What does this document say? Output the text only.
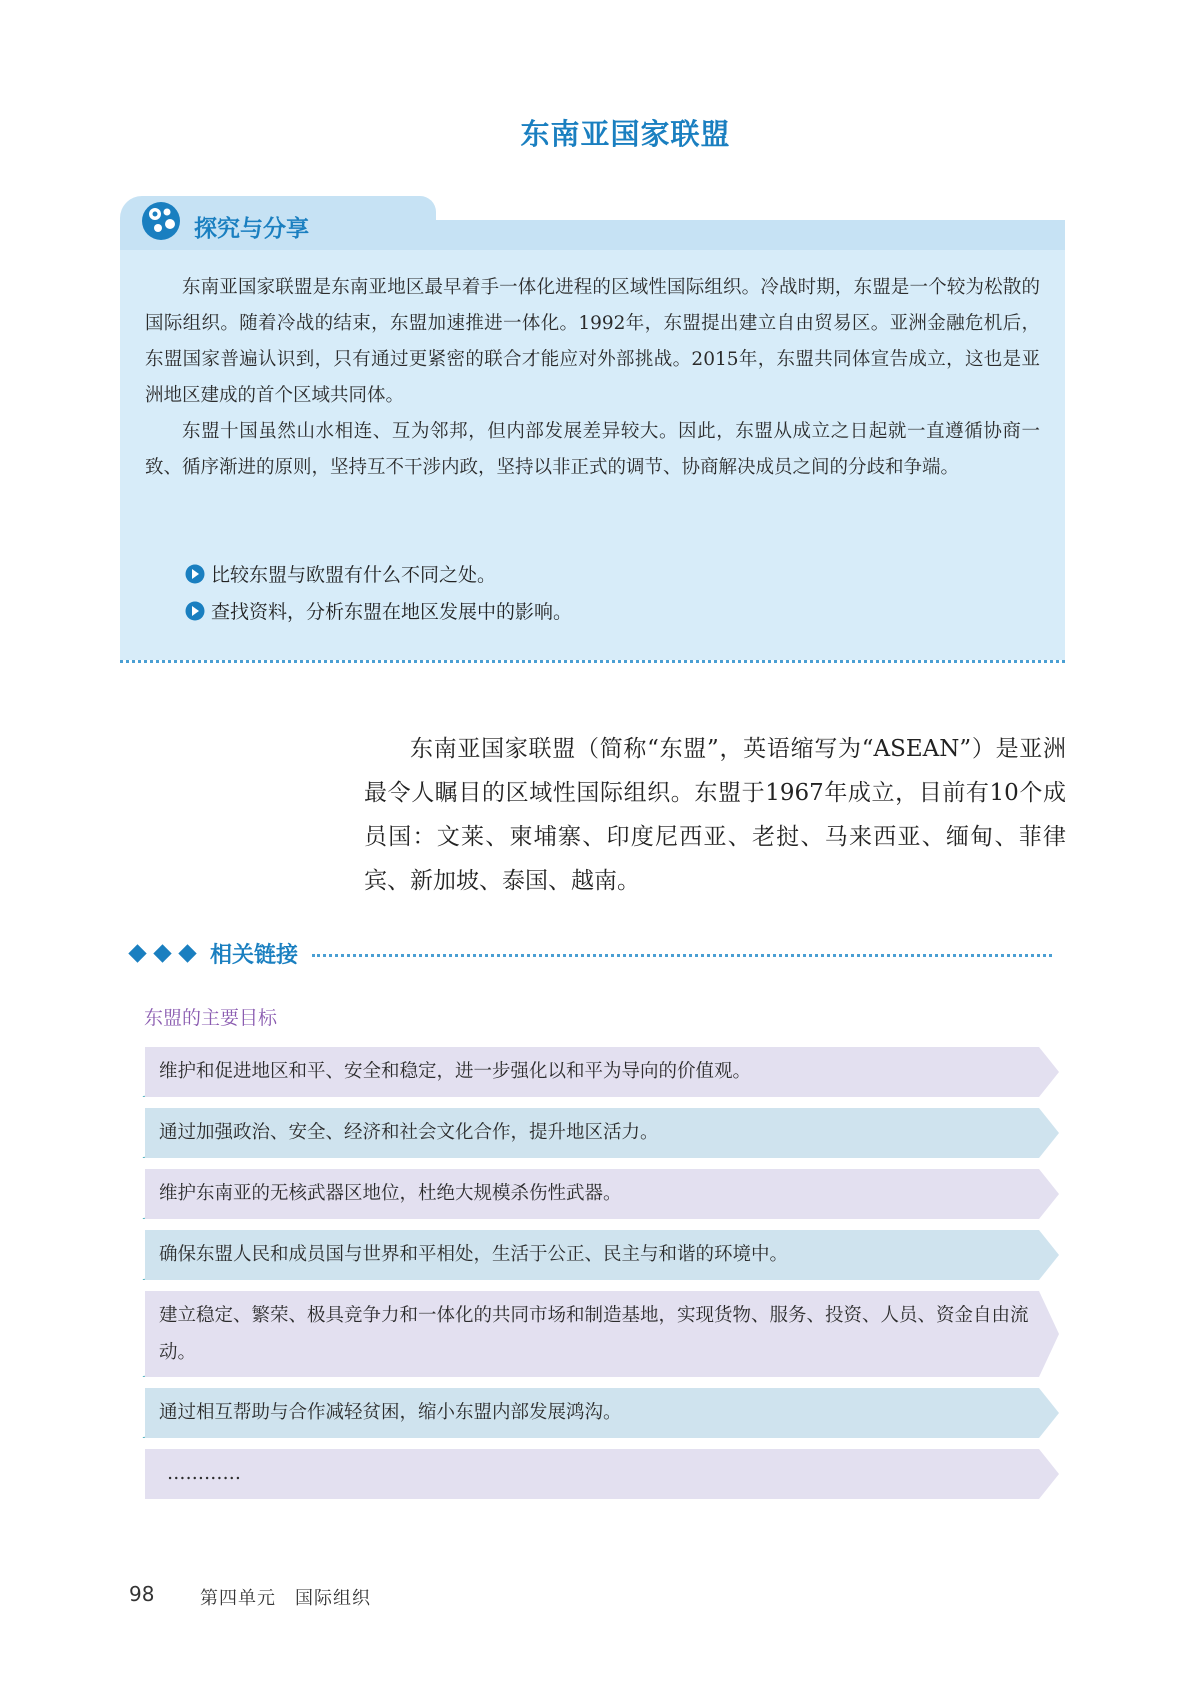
东南亚国家联盟
探究与分享

东南亚国家联盟是东南亚地区最早着手一体化进程的区域性国际组织。冷战时期，东盟是一个较为松散的国际组织。随着冷战的结束，东盟加速推进一体化。1992年，东盟提出建立自由贸易区。亚洲金融危机后，东盟国家普遍认识到，只有通过更紧密的联合才能应对外部挑战。2015年，东盟共同体宣告成立，这也是亚洲地区建成的首个区域共同体。

东盟十国虽然山水相连、互为邻邦，但内部发展差异较大。因此，东盟从成立之日起就一直遵循协商一致、循序渐进的原则，坚持互不干涉内政，坚持以非正式的调节、协商解决成员之间的分歧和争端。

比较东盟与欧盟有什么不同之处。
查找资料，分析东盟在地区发展中的影响。

东南亚国家联盟（简称“东盟”，英语缩写为“ASEAN”）是亚洲最令人瞩目的区域性国际组织。东盟于1967年成立，目前有10个成员国：文莱、柬埔寨、印度尼西亚、老挝、马来西亚、缅甸、菲律宾、新加坡、泰国、越南。

相关链接
东盟的主要目标
维护和促进地区和平、安全和稳定，进一步强化以和平为导向的价值观。
通过加强政治、安全、经济和社会文化合作，提升地区活力。
维护东南亚的无核武器区地位，杜绝大规模杀伤性武器。
确保东盟人民和成员国与世界和平相处，生活于公正、民主与和谐的环境中。
建立稳定、繁荣、极具竞争力和一体化的共同市场和制造基地，实现货物、服务、投资、人员、资金自由流动。
通过相互帮助与合作减轻贫困，缩小东盟内部发展鸿沟。
…………
98	第四单元　国际组织
